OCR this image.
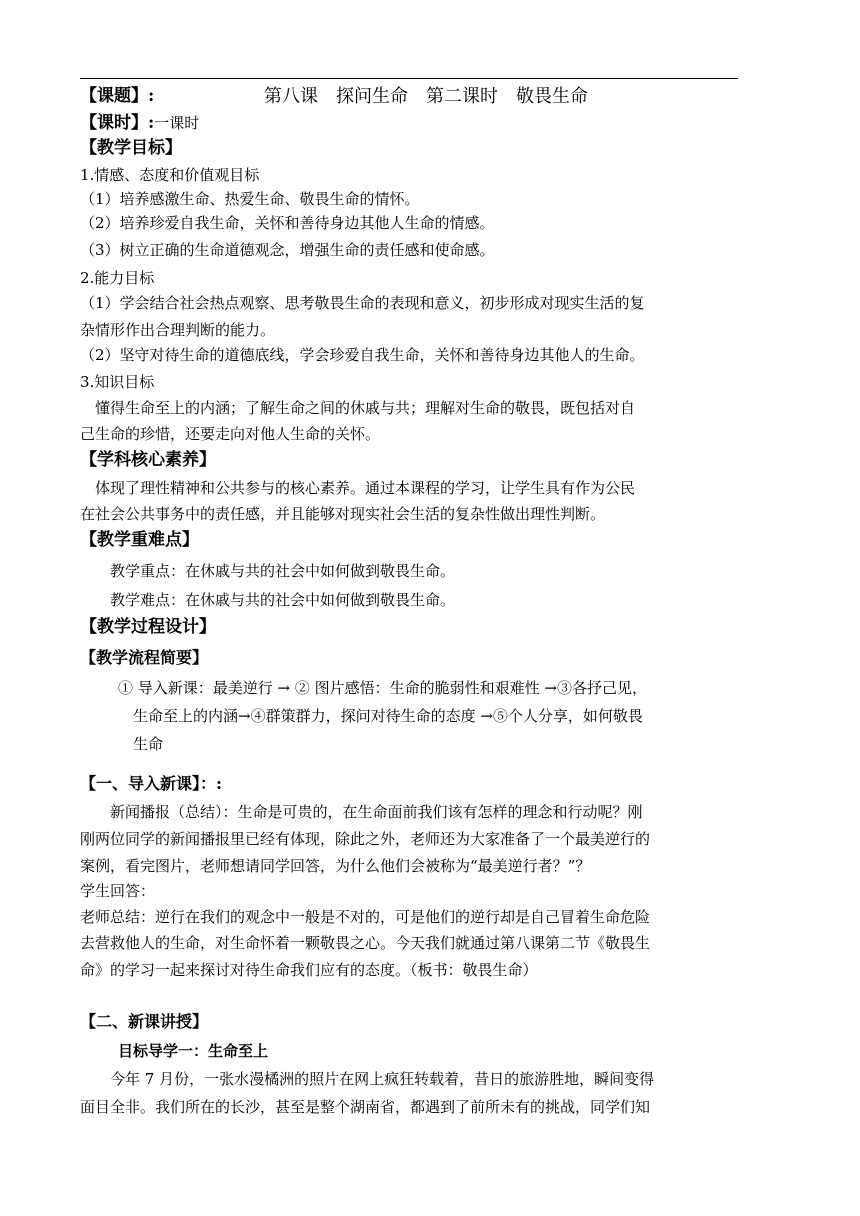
【课题】:	第八课　探问生命　第二课时　敬畏生命
【课时】:一课时
【教学目标】
1.情感、态度和价值观目标
（1）培养感激生命、热爱生命、敬畏生命的情怀。
（2）培养珍爱自我生命，关怀和善待身边其他人生命的情感。
（3）树立正确的生命道德观念，增强生命的责任感和使命感。
2.能力目标
（1）学会结合社会热点观察、思考敬畏生命的表现和意义，初步形成对现实生活的复
杂情形作出合理判断的能力。
（2）坚守对待生命的道德底线，学会珍爱自我生命，关怀和善待身边其他人的生命。
3.知识目标
　懂得生命至上的内涵；了解生命之间的休戚与共；理解对生命的敬畏，既包括对自
己生命的珍惜，还要走向对他人生命的关怀。
【学科核心素养】
　体现了理性精神和公共参与的核心素养。通过本课程的学习，让学生具有作为公民
在社会公共事务中的责任感，并且能够对现实社会生活的复杂性做出理性判断。
【教学重难点】
　　教学重点：在休戚与共的社会中如何做到敬畏生命。
　　教学难点：在休戚与共的社会中如何做到敬畏生命。
【教学过程设计】
【教学流程简要】
① 导入新课：最美逆行 → ② 图片感悟：生命的脆弱性和艰难性 →③各抒己见，
　生命至上的内涵→④群策群力，探问对待生命的态度 →⑤个人分享，如何敬畏
　生命
【一、导入新课】：:
　　新闻播报（总结）：生命是可贵的，在生命面前我们该有怎样的理念和行动呢？刚
刚两位同学的新闻播报里已经有体现，除此之外，老师还为大家准备了一个最美逆行的
案例，看完图片，老师想请同学回答，为什么他们会被称为“最美逆行者？”？
学生回答：
老师总结：逆行在我们的观念中一般是不对的，可是他们的逆行却是自己冒着生命危险
去营救他人的生命，对生命怀着一颗敬畏之心。今天我们就通过第八课第二节《敬畏生
命》的学习一起来探讨对待生命我们应有的态度。（板书：敬畏生命）
【二、新课讲授】
目标导学一：生命至上
　　今年 7 月份，一张水漫橘洲的照片在网上疯狂转载着，昔日的旅游胜地，瞬间变得
面目全非。我们所在的长沙，甚至是整个湖南省，都遇到了前所未有的挑战，同学们知
